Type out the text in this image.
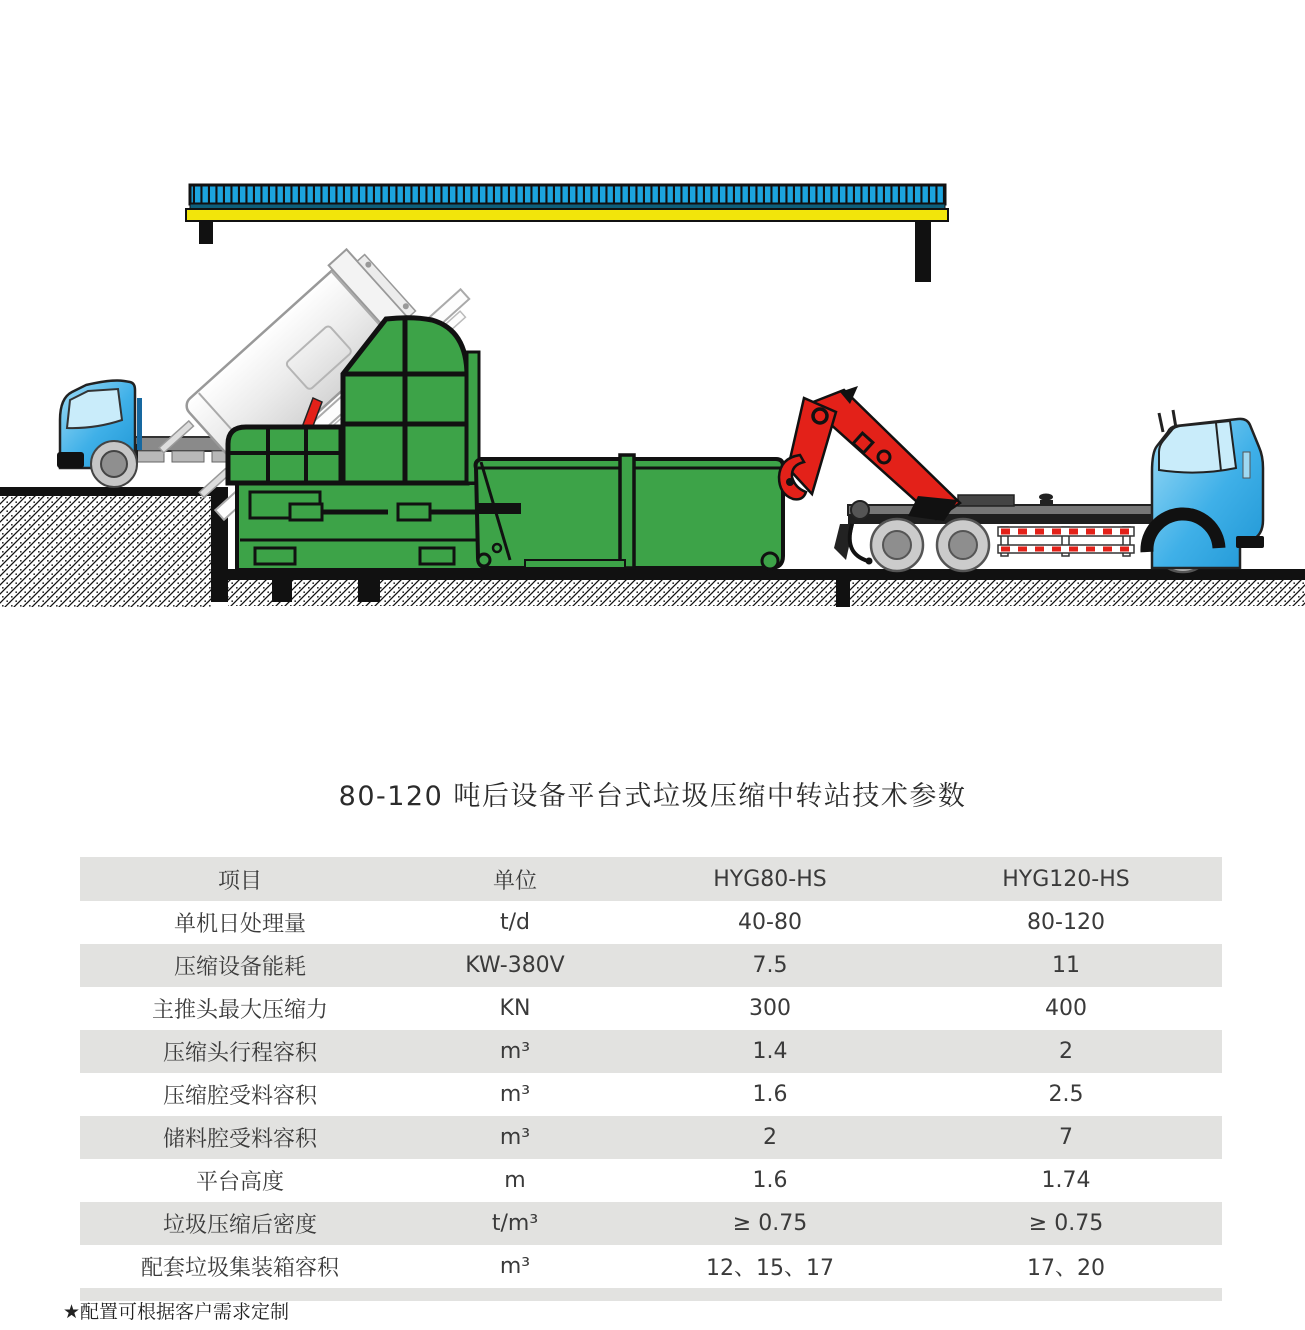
80-120 吨后设备平台式垃圾压缩中转站技术参数
项目	单位	HYG80-HS	HYG120-HS
单机日处理量	t/d	40-80	80-120
压缩设备能耗	KW-380V	7.5	11
主推头最大压缩力	KN	300	400
压缩头行程容积	m³	1.4	2
压缩腔受料容积	m³	1.6	2.5
储料腔受料容积	m³	2	7
平台高度	m	1.6	1.74
垃圾压缩后密度	t/m³	≥ 0.75	≥ 0.75
配套垃圾集装箱容积	m³	12、15、17	17、20
★配置可根据客户需求定制
